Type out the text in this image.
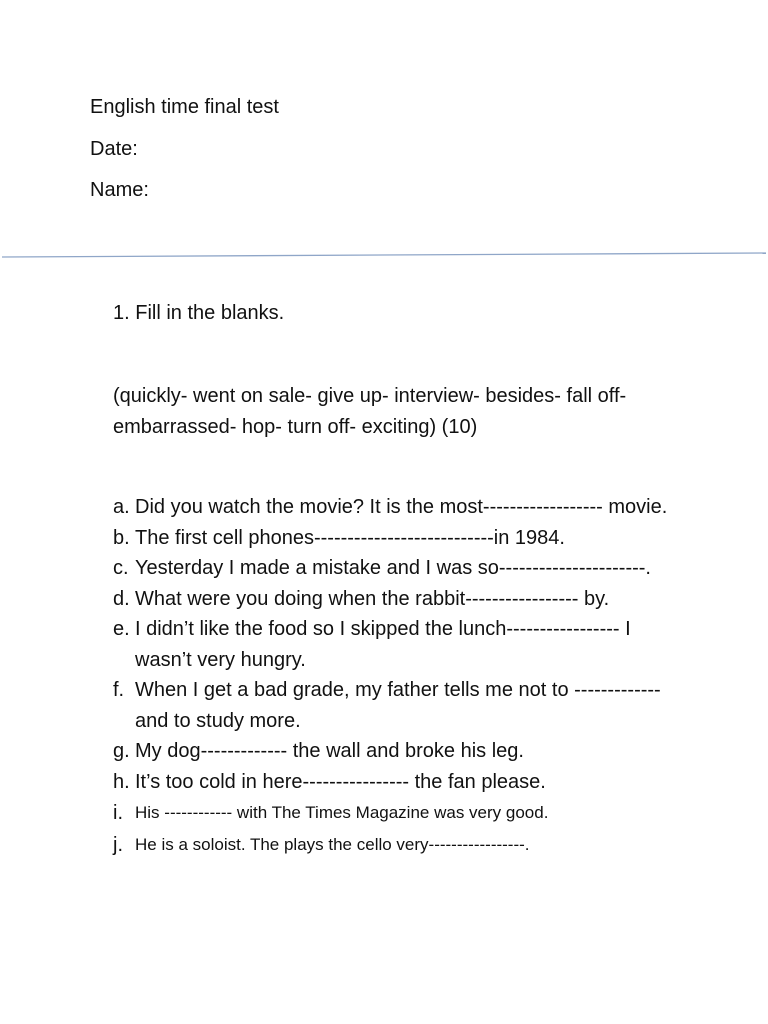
English time final test
Date:
Name:
1. Fill in the blanks.
(quickly- went on sale- give up- interview- besides- fall off- embarrassed- hop- turn off- exciting) (10)
a. Did you watch the movie? It is the most------------------ movie.
b. The first cell phones---------------------------in 1984.
c. Yesterday I made a mistake and I was so----------------------.
d. What were you doing when the rabbit----------------- by.
e. I didn’t like the food so I skipped the lunch----------------- I wasn’t very hungry.
f. When I get a bad grade, my father tells me not to ------------- and to study more.
g. My dog------------- the wall and broke his leg.
h. It’s too cold in here---------------- the fan please.
i. His ------------ with The Times Magazine was very good.
j. He is a soloist. The plays the cello very-----------------.
